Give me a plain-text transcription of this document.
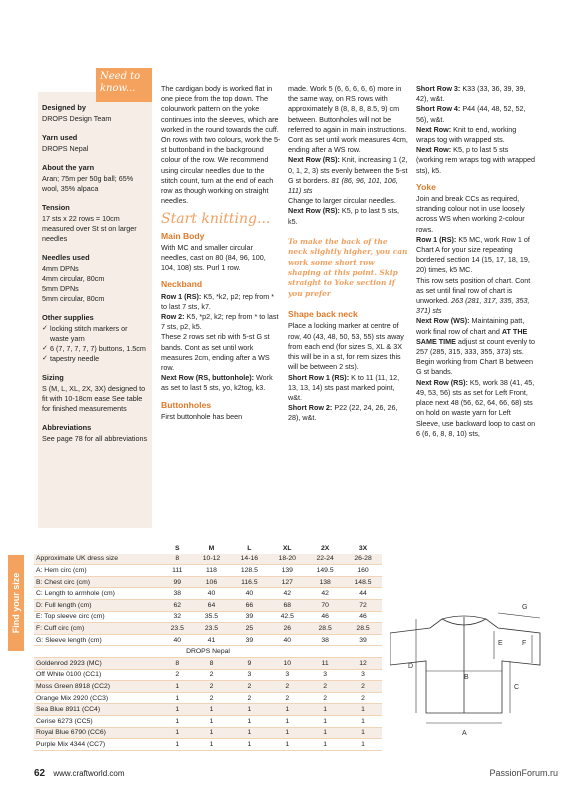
Need to know...
Designed by

DROPS Design Team

Yarn used

DROPS Nepal

About the yarn

Aran; 75m per 50g ball; 65% wool, 35% alpaca

Tension

17 sts x 22 rows = 10cm measured over St st on larger needles

Needles used
4mm DPNs
4mm circular, 80cm
5mm DPNs
5mm circular, 80cm
Other supplies
✓ locking stitch markers or waste yarn
✓ 6 (7, 7, 7, 7, 7) buttons, 1.5cm
✓ tapestry needle
Sizing

S (M, L, XL, 2X, 3X) designed to fit with 10-18cm ease See table for finished measurements

Abbreviations

See page 78 for all abbreviations

The cardigan body is worked flat in one piece from the top down. The colourwork pattern on the yoke continues into the sleeves, which are worked in the round towards the cuff. On rows with two colours, work the 5-st buttonband in the background colour of the row. We recommend using circular needles due to the stitch count, turn at the end of each row as though working on straight needles.

Start knitting...
Main Body

With MC and smaller circular needles, cast on 80 (84, 96, 100, 104, 108) sts. Purl 1 row.

Neckband

Row 1 (RS): K5, *k2, p2; rep from * to last 7 sts, k7.

Row 2: K5, *p2, k2; rep from * to last 7 sts, p2, k5.

These 2 rows set rib with 5-st G st bands. Cont as set until work measures 2cm, ending after a WS row.

Next Row (RS, buttonhole): Work as set to last 5 sts, yo, k2tog, k3.

Buttonholes

First buttonhole has been

made. Work 5 (6, 6, 6, 6, 6) more in the same way, on RS rows with approximately 8 (8, 8, 8, 8.5, 9) cm between. Buttonholes will not be referred to again in main instructions. Cont as set until work measures 4cm, ending after a WS row.

Next Row (RS): Knit, increasing 1 (2, 0, 1, 2, 3) sts evenly between the 5-st G st borders. 81 (86, 96, 101, 106, 111) sts

Change to larger circular needles.

Next Row (RS): K5, p to last 5 sts, k5.

To make the back of the neck slightly higher, you can work some short row shaping at this point. Skip straight to Yoke section if you prefer
Shape back neck

Place a locking marker at centre of row, 40 (43, 48, 50, 53, 55) sts away from each end (for sizes S, XL & 3X this will be in a st, for rem sizes this will be between 2 sts).

Short Row 1 (RS): K to 11 (11, 12, 13, 13, 14) sts past marked point, w&t.

Short Row 2: P22 (22, 24, 26, 26, 28), w&t.

Short Row 3: K33 (33, 36, 39, 39, 42), w&t.

Short Row 4: P44 (44, 48, 52, 52, 56), w&t.

Next Row: Knit to end, working wraps tog with wrapped sts.

Next Row: K5, p to last 5 sts (working rem wraps tog with wrapped sts), k5.

Yoke

Join and break CCs as required, stranding colour not in use loosely across WS when working 2-colour rows.

Row 1 (RS): K5 MC, work Row 1 of Chart A for your size repeating bordered section 14 (15, 17, 18, 19, 20) times, k5 MC.

This row sets position of chart. Cont as set until final row of chart is unworked. 263 (281, 317, 335, 353, 371) sts

Next Row (WS): Maintaining patt, work final row of chart and AT THE SAME TIME adjust st count evenly to 257 (285, 315, 333, 355, 373) sts.

Begin working from Chart B between G st bands.

Next Row (RS): K5, work 38 (41, 45, 49, 53, 56) sts as set for Left Front, place next 48 (56, 62, 64, 66, 68) sts on hold on waste yarn for Left Sleeve, use backward loop to cast on 6 (6, 6, 8, 8, 10) sts,

Find your size
	S	M	L	XL	2X	3X
Approximate UK dress size	8	10-12	14-16	18-20	22-24	26-28
A: Hem circ (cm)	111	118	128.5	139	149.5	160
B: Chest circ (cm)	99	106	116.5	127	138	148.5
C: Length to armhole (cm)	38	40	40	42	42	44
D: Full length (cm)	62	64	66	68	70	72
E: Top sleeve circ (cm)	32	35.5	39	42.5	46	46
F: Cuff circ (cm)	23.5	23.5	25	26	28.5	28.5
G: Sleeve length (cm)	40	41	39	40	38	39
DROPS Nepal						
Goldenrod 2923 (MC)	8	8	9	10	11	12
Off White 0100 (CC1)	2	2	3	3	3	3
Moss Green 8918 (CC2)	1	2	2	2	2	2
Orange Mix 2920 (CC3)	1	2	2	2	2	2
Sea Blue 8911 (CC4)	1	1	1	1	1	1
Cerise 6273 (CC5)	1	1	1	1	1	1
Royal Blue 6790 (CC6)	1	1	1	1	1	1
Purple Mix 4344 (CC7)	1	1	1	1	1	1
A
B
C
D
E	F
G
62 www.craftworld.com	PassionForum.ru
